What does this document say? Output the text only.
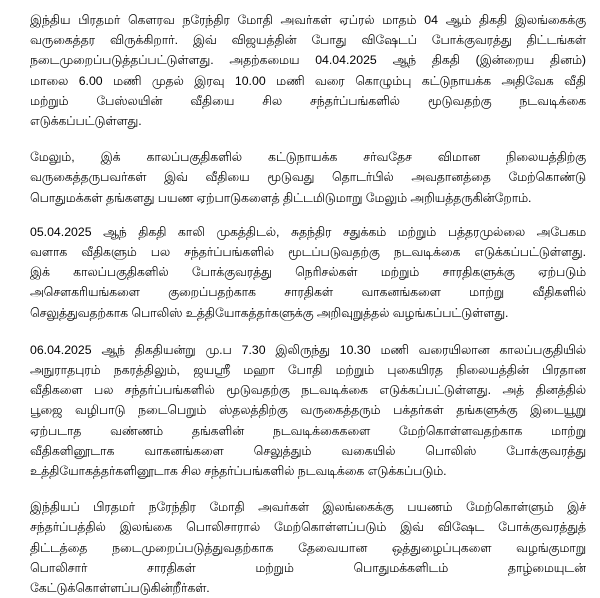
இந்திய பிரதமர் கௌரவ நரேந்திர மோதி அவர்கள் ஏப்ரல் மாதம் 04 ஆம் திகதி இலங்கைக்கு
வருகைத்தர விருக்கிறார். இவ் விஜயத்தின் போது விஷேடப் போக்குவரத்து திட்டங்கள்
நடைமுறைப்படுத்தப்பட்டுள்ளது. அதற்கமைய 04.04.2025 ஆந் திகதி (இன்றைய தினம்)
மாலை 6.00 மணி முதல் இரவு 10.00 மணி வரை கொழும்பு கட்டுநாயக்க அதிவேக வீதி
மற்றும் பேஸ்லயின் வீதியை சில சந்தர்ப்பங்களில் மூடுவதற்கு நடவடிக்கை
எடுக்கப்பட்டுள்ளது.
மேலும், இக் காலப்பகுதிகளில் கட்டுநாயக்க சர்வதேச விமான நிலையத்திற்கு
வருகைத்தருபவர்கள் இவ் வீதியை மூடுவது தொடர்பில் அவதானத்தை மேற்கொண்டு
பொதுமக்கள் தங்களது பயண ஏற்பாடுகளைத் திட்டமிடுமாறு மேலும் அறியத்தருகின்றோம்.
05.04.2025 ஆந் திகதி காலி முகத்திடல், சுதந்திர சதுக்கம் மற்றும் பத்தரமுல்லை அபேகம
வளாக வீதிகளும் பல சந்தர்ப்பங்களில் மூடப்படுவதற்கு நடவடிக்கை எடுக்கப்பட்டுள்ளது.
இக் காலப்பகுதிகளில் போக்குவரத்து நெரிசல்கள் மற்றும் சாரதிகளுக்கு ஏற்படும்
அசௌகரியங்களை குறைப்பதற்காக சாரதிகள் வாகனங்களை மாற்று வீதிகளில்
செலுத்துவதற்காக பொலிஸ் உத்தியோகத்தர்களுக்கு அறிவுறுத்தல் வழங்கப்பட்டுள்ளது.
06.04.2025 ஆந் திகதியன்று மு.ப 7.30 இலிருந்து 10.30 மணி வரையிலான காலப்பகுதியில்
அநுராதபுரம் நகரத்திலும், ஜயஸ்ரீ மஹா போதி மற்றும் புகையிரத நிலையத்தின் பிரதான
வீதிகளை பல சந்தர்ப்பங்களில் மூடுவதற்கு நடவடிக்கை எடுக்கப்பட்டுள்ளது. அத் தினத்தில்
பூஜை வழிபாடு நடைபெறும் ஸ்தலத்திற்கு வருகைத்தரும் பக்தர்கள் தங்களுக்கு இடையூறு
ஏற்படாத வண்ணம் தங்களின் நடவடிக்கைகளை மேற்கொள்ளவதற்காக மாற்று
வீதிகளினூடாக வாகனங்களை செலுத்தும் வகையில் பொலிஸ் போக்குவரத்து
உத்தியோகத்தர்களினூடாக சில சந்தர்ப்பங்களில் நடவடிக்கை எடுக்கப்படும்.
இந்தியப் பிரதமர் நரேந்திர மோதி அவர்கள் இலங்கைக்கு பயணம் மேற்கொள்ளும் இச்
சந்தர்ப்பத்தில் இலங்கை பொலிசாரால் மேற்கொள்ளப்படும் இவ் விஷேட போக்குவரத்துத்
திட்டத்தை நடைமுறைப்படுத்துவதற்காக தேவையான ஒத்துழைப்புகளை வழங்குமாறு
பொலிசார் சாரதிகள் மற்றும் பொதுமக்களிடம் தாழ்மையுடன்
கேட்டுக்கொள்ளப்படுகின்றீர்கள்.
